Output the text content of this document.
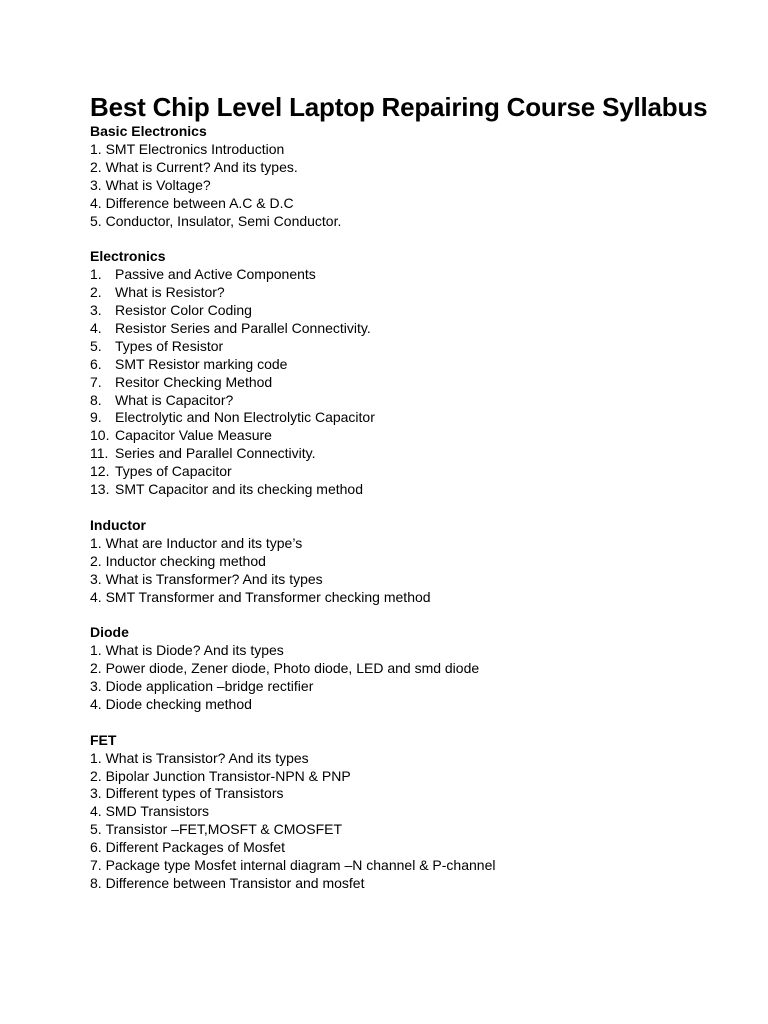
Best Chip Level Laptop Repairing Course Syllabus
Basic Electronics
1. SMT Electronics Introduction
2. What is Current? And its types.
3. What is Voltage?
4. Difference between A.C & D.C
5. Conductor, Insulator, Semi Conductor.
Electronics
1. Passive and Active Components
2. What is Resistor?
3. Resistor Color Coding
4. Resistor Series and Parallel Connectivity.
5. Types of Resistor
6. SMT Resistor marking code
7. Resitor Checking Method
8. What is Capacitor?
9. Electrolytic and Non Electrolytic Capacitor
10. Capacitor Value Measure
11. Series and Parallel Connectivity.
12. Types of Capacitor
13. SMT Capacitor and its checking method
Inductor
1. What are Inductor and its type’s
2. Inductor checking method
3. What is Transformer? And its types
4. SMT Transformer and Transformer checking method
Diode
1. What is Diode? And its types
2. Power diode, Zener diode, Photo diode, LED and smd diode
3. Diode application –bridge rectifier
4. Diode checking method
FET
1. What is Transistor? And its types
2. Bipolar Junction Transistor-NPN & PNP
3. Different types of Transistors
4. SMD Transistors
5. Transistor –FET,MOSFT & CMOSFET
6. Different Packages of Mosfet
7. Package type Mosfet internal diagram –N channel & P-channel
8. Difference between Transistor and mosfet
